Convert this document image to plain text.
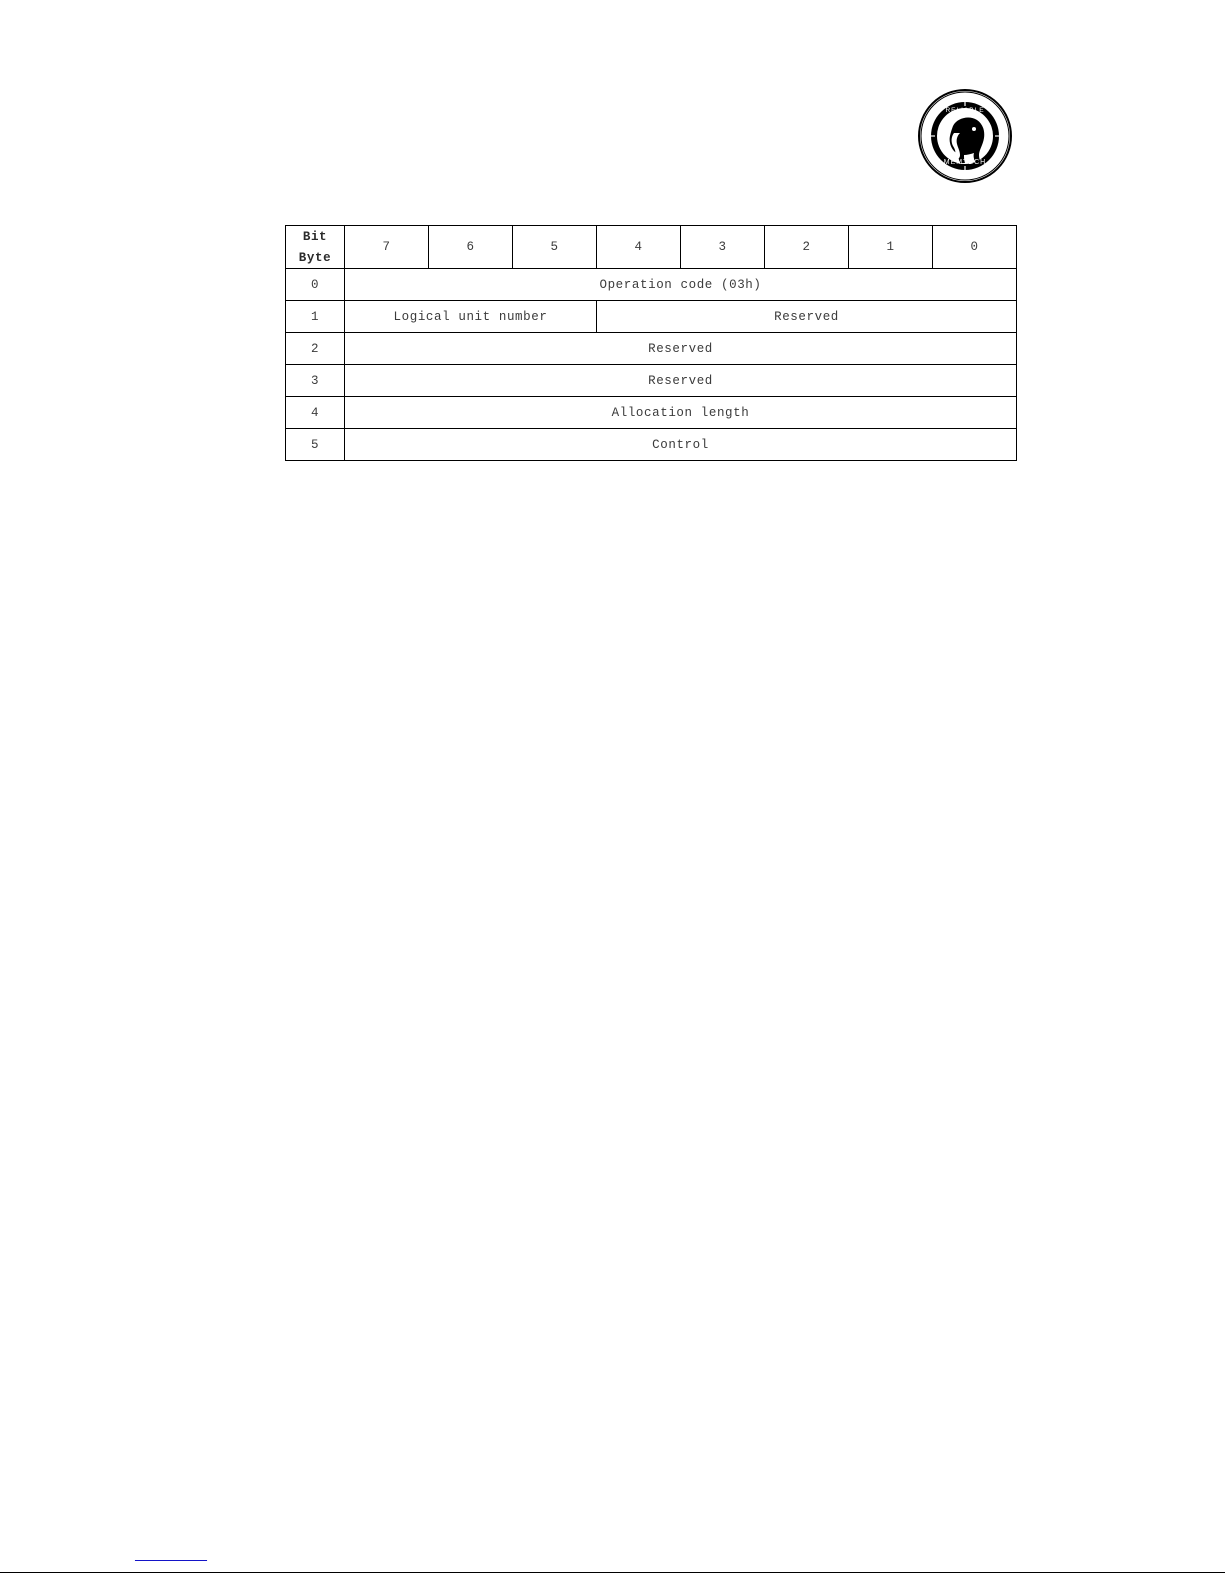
RELIABLE
MEMTECH
Bit
Byte	7	6	5	4	3	2	1	0
0	Operation code (03h)							
1	Logical unit number			Reserved				
2	Reserved							
3	Reserved							
4	Allocation length							
5	Control							
____________
